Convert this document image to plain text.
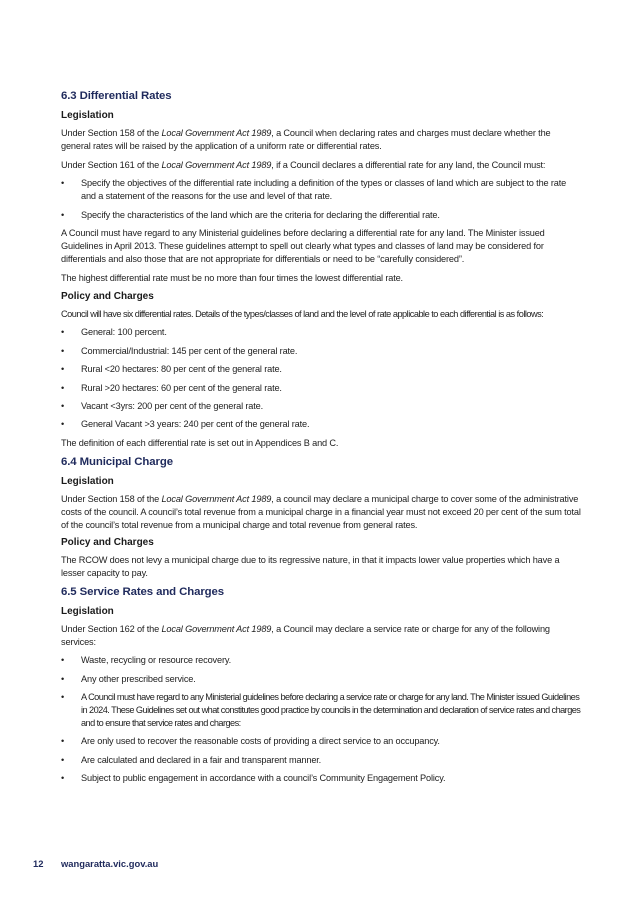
6.3 Differential Rates
Legislation

Under Section 158 of the Local Government Act 1989, a Council when declaring rates and charges must declare whether the general rates will be raised by the application of a uniform rate or differential rates.

Under Section 161 of the Local Government Act 1989, if a Council declares a differential rate for any land, the Council must:

• Specify the objectives of the differential rate including a definition of the types or classes of land which are subject to the rate and a statement of the reasons for the use and level of that rate.
• Specify the characteristics of the land which are the criteria for declaring the differential rate.

A Council must have regard to any Ministerial guidelines before declaring a differential rate for any land. The Minister issued Guidelines in April 2013. These guidelines attempt to spell out clearly what types and classes of land may be considered for differentials and also those that are not appropriate for differentials or need to be “carefully considered”.

The highest differential rate must be no more than four times the lowest differential rate.

Policy and Charges

Council will have six differential rates. Details of the types/classes of land and the level of rate applicable to each differential is as follows:

• General: 100 percent.
• Commercial/Industrial: 145 per cent of the general rate.
• Rural <20 hectares: 80 per cent of the general rate.
• Rural >20 hectares: 60 per cent of the general rate.
• Vacant <3yrs: 200 per cent of the general rate.
• General Vacant >3 years: 240 per cent of the general rate.

The definition of each differential rate is set out in Appendices B and C.

6.4 Municipal Charge
Legislation

Under Section 158 of the Local Government Act 1989, a council may declare a municipal charge to cover some of the administrative costs of the council. A council’s total revenue from a municipal charge in a financial year must not exceed 20 per cent of the sum total of the council’s total revenue from a municipal charge and total revenue from general rates.

Policy and Charges

The RCOW does not levy a municipal charge due to its regressive nature, in that it impacts lower value properties which have a lesser capacity to pay.

6.5 Service Rates and Charges
Legislation

Under Section 162 of the Local Government Act 1989, a Council may declare a service rate or charge for any of the following services:

• Waste, recycling or resource recovery.
• Any other prescribed service.
• A Council must have regard to any Ministerial guidelines before declaring a service rate or charge for any land. The Minister issued Guidelines in 2024. These Guidelines set out what constitutes good practice by councils in the determination and declaration of service rates and charges and to ensure that service rates and charges:
• Are only used to recover the reasonable costs of providing a direct service to an occupancy.
• Are calculated and declared in a fair and transparent manner.
• Subject to public engagement in accordance with a council’s Community Engagement Policy.
12 wangaratta.vic.gov.au
